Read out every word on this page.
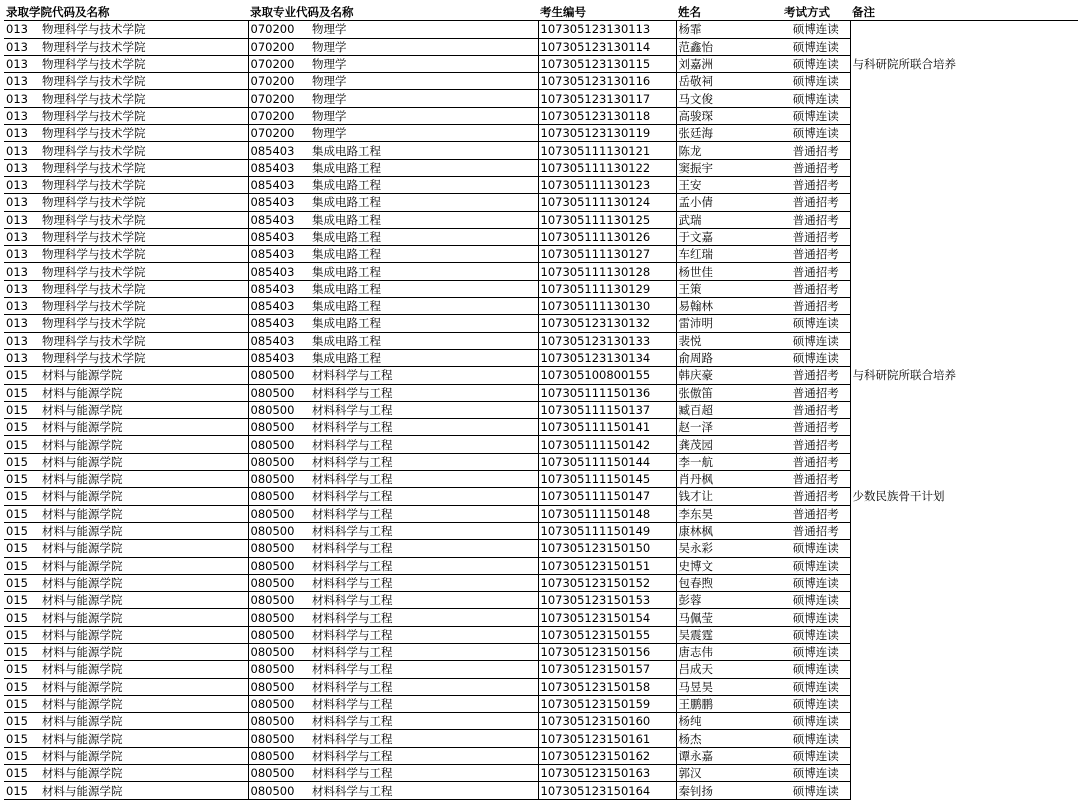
录取学院代码及名称		录取专业代码及名称		考生编号	姓名	考试方式	备注
013	物理科学与技术学院	070200	物理学	107305123130113	杨霏	硕博连读	
013	物理科学与技术学院	070200	物理学	107305123130114	范鑫怡	硕博连读	
013	物理科学与技术学院	070200	物理学	107305123130115	刘嘉洲	硕博连读	与科研院所联合培养
013	物理科学与技术学院	070200	物理学	107305123130116	岳敬祠	硕博连读	
013	物理科学与技术学院	070200	物理学	107305123130117	马文俊	硕博连读	
013	物理科学与技术学院	070200	物理学	107305123130118	高骏琛	硕博连读	
013	物理科学与技术学院	070200	物理学	107305123130119	张廷海	硕博连读	
013	物理科学与技术学院	085403	集成电路工程	107305111130121	陈龙	普通招考	
013	物理科学与技术学院	085403	集成电路工程	107305111130122	窦振宇	普通招考	
013	物理科学与技术学院	085403	集成电路工程	107305111130123	王安	普通招考	
013	物理科学与技术学院	085403	集成电路工程	107305111130124	孟小倩	普通招考	
013	物理科学与技术学院	085403	集成电路工程	107305111130125	武瑞	普通招考	
013	物理科学与技术学院	085403	集成电路工程	107305111130126	于文嘉	普通招考	
013	物理科学与技术学院	085403	集成电路工程	107305111130127	车红瑞	普通招考	
013	物理科学与技术学院	085403	集成电路工程	107305111130128	杨世佳	普通招考	
013	物理科学与技术学院	085403	集成电路工程	107305111130129	王策	普通招考	
013	物理科学与技术学院	085403	集成电路工程	107305111130130	易翰林	普通招考	
013	物理科学与技术学院	085403	集成电路工程	107305123130132	雷沛明	硕博连读	
013	物理科学与技术学院	085403	集成电路工程	107305123130133	裴悦	硕博连读	
013	物理科学与技术学院	085403	集成电路工程	107305123130134	俞周路	硕博连读	
015	材料与能源学院	080500	材料科学与工程	107305100800155	韩庆豪	普通招考	与科研院所联合培养
015	材料与能源学院	080500	材料科学与工程	107305111150136	张傲笛	普通招考	
015	材料与能源学院	080500	材料科学与工程	107305111150137	臧百超	普通招考	
015	材料与能源学院	080500	材料科学与工程	107305111150141	赵一泽	普通招考	
015	材料与能源学院	080500	材料科学与工程	107305111150142	龚茂园	普通招考	
015	材料与能源学院	080500	材料科学与工程	107305111150144	李一航	普通招考	
015	材料与能源学院	080500	材料科学与工程	107305111150145	肖丹枫	普通招考	
015	材料与能源学院	080500	材料科学与工程	107305111150147	钱才让	普通招考	少数民族骨干计划
015	材料与能源学院	080500	材料科学与工程	107305111150148	李东昊	普通招考	
015	材料与能源学院	080500	材料科学与工程	107305111150149	康林枫	普通招考	
015	材料与能源学院	080500	材料科学与工程	107305123150150	吴永彩	硕博连读	
015	材料与能源学院	080500	材料科学与工程	107305123150151	史博文	硕博连读	
015	材料与能源学院	080500	材料科学与工程	107305123150152	包春煦	硕博连读	
015	材料与能源学院	080500	材料科学与工程	107305123150153	彭蓉	硕博连读	
015	材料与能源学院	080500	材料科学与工程	107305123150154	马佩莹	硕博连读	
015	材料与能源学院	080500	材料科学与工程	107305123150155	吴震霆	硕博连读	
015	材料与能源学院	080500	材料科学与工程	107305123150156	唐志伟	硕博连读	
015	材料与能源学院	080500	材料科学与工程	107305123150157	吕成天	硕博连读	
015	材料与能源学院	080500	材料科学与工程	107305123150158	马昱昊	硕博连读	
015	材料与能源学院	080500	材料科学与工程	107305123150159	王鹏鹏	硕博连读	
015	材料与能源学院	080500	材料科学与工程	107305123150160	杨纯	硕博连读	
015	材料与能源学院	080500	材料科学与工程	107305123150161	杨杰	硕博连读	
015	材料与能源学院	080500	材料科学与工程	107305123150162	谭永嘉	硕博连读	
015	材料与能源学院	080500	材料科学与工程	107305123150163	郭汉	硕博连读	
015	材料与能源学院	080500	材料科学与工程	107305123150164	秦钊扬	硕博连读	
